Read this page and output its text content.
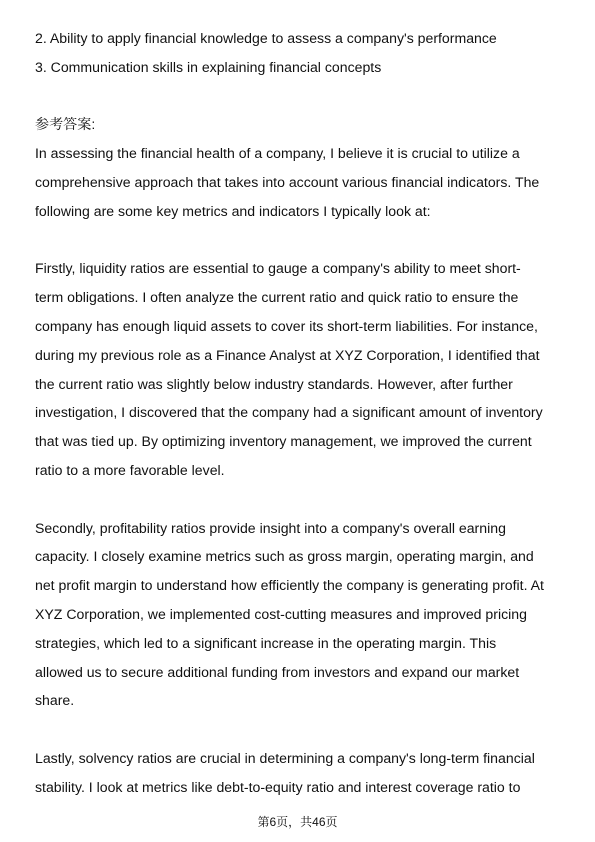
2. Ability to apply financial knowledge to assess a company's performance
3. Communication skills in explaining financial concepts
参考答案:
In assessing the financial health of a company, I believe it is crucial to utilize a
comprehensive approach that takes into account various financial indicators. The
following are some key metrics and indicators I typically look at:
Firstly, liquidity ratios are essential to gauge a company's ability to meet short-
term obligations. I often analyze the current ratio and quick ratio to ensure the
company has enough liquid assets to cover its short-term liabilities. For instance,
during my previous role as a Finance Analyst at XYZ Corporation, I identified that
the current ratio was slightly below industry standards. However, after further
investigation, I discovered that the company had a significant amount of inventory
that was tied up. By optimizing inventory management, we improved the current
ratio to a more favorable level.
Secondly, profitability ratios provide insight into a company's overall earning
capacity. I closely examine metrics such as gross margin, operating margin, and
net profit margin to understand how efficiently the company is generating profit. At
XYZ Corporation, we implemented cost-cutting measures and improved pricing
strategies, which led to a significant increase in the operating margin. This
allowed us to secure additional funding from investors and expand our market
share.
Lastly, solvency ratios are crucial in determining a company's long-term financial
stability. I look at metrics like debt-to-equity ratio and interest coverage ratio to
第6页，共46页
